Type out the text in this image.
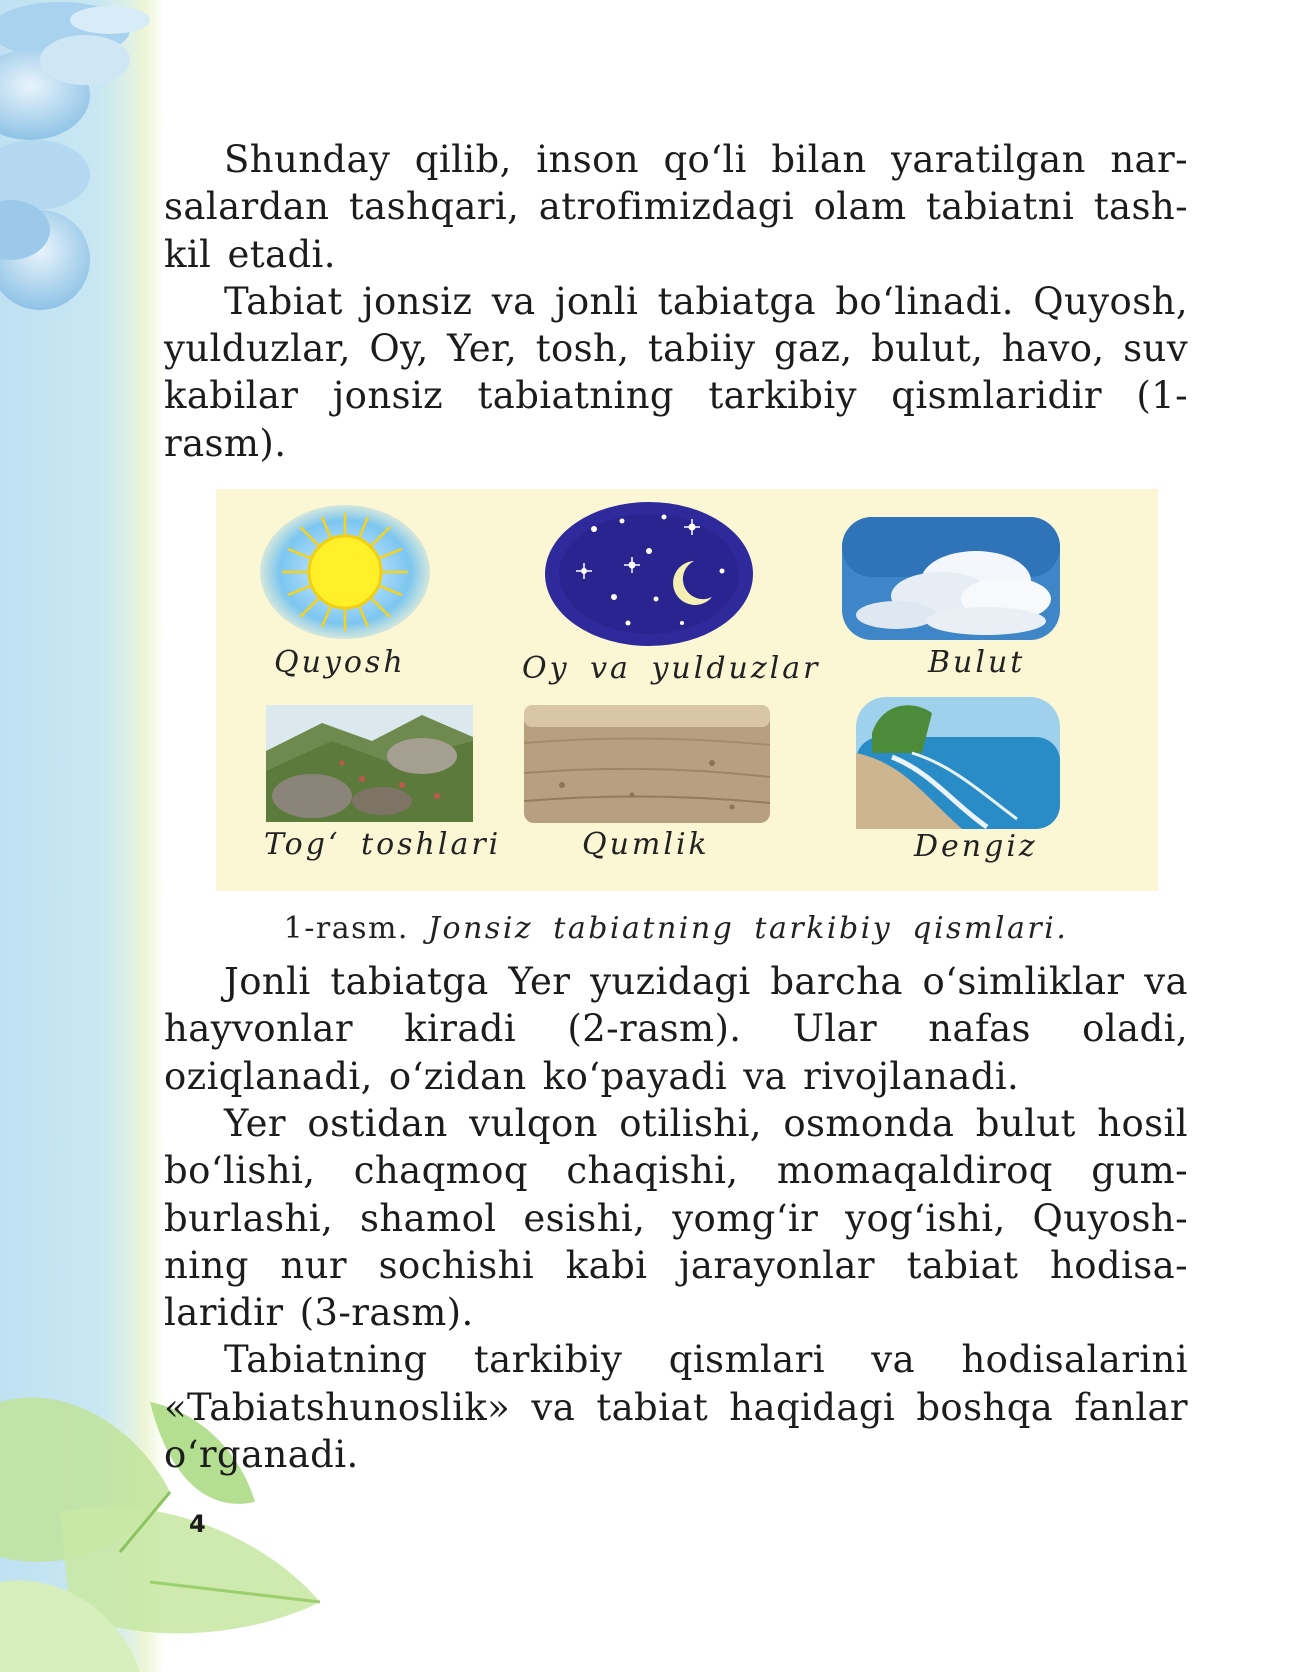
Shunday qilib, inson qo‘li bilan yaratilgan nar-salardan tashqari, atrofimizdagi olam tabiatni tash-kil etadi.

Tabiat jonsiz va jonli tabiatga bo‘linadi. Quyosh, yulduzlar, Oy, Yer, tosh, tabiiy gaz, bulut, havo, suv kabilar jonsiz tabiatning tarkibiy qismlaridir (1-rasm).

Quyosh	Oy va yulduzlar	Bulut
Tog‘ toshlari	Qumlik	Dengiz
1-rasm. Jonsiz tabiatning tarkibiy qismlari.

Jonli tabiatga Yer yuzidagi barcha o‘simliklar va hayvonlar kiradi (2-rasm). Ular nafas oladi, oziqlanadi, o‘zidan ko‘payadi va rivojlanadi.

Yer ostidan vulqon otilishi, osmonda bulut hosil bo‘lishi, chaqmoq chaqishi, momaqaldiroq gum-burlashi, shamol esishi, yomg‘ir yog‘ishi, Quyosh-ning nur sochishi kabi jarayonlar tabiat hodisa-laridir (3-rasm).

Tabiatning tarkibiy qismlari va hodisalarini «Tabiatshunoslik» va tabiat haqidagi boshqa fanlar o‘rganadi.

4
